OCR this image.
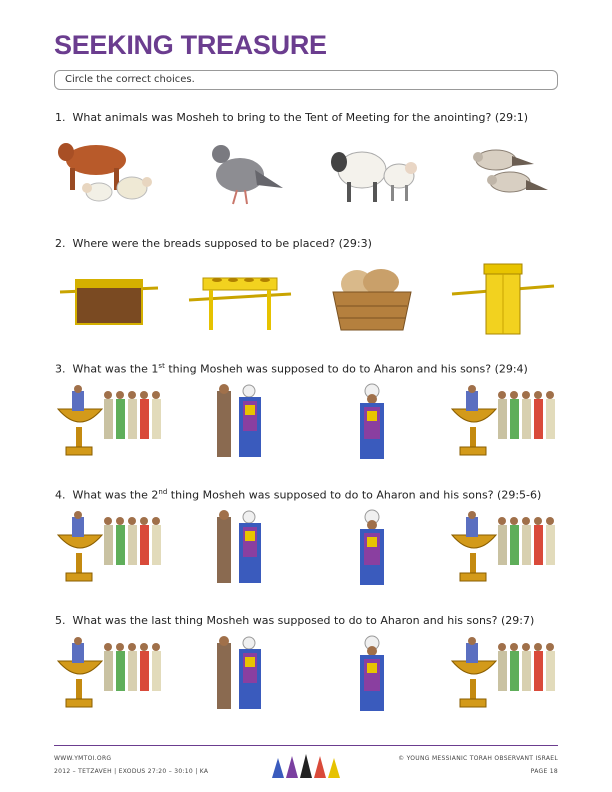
SEEKING TREASURE
Circle the correct choices.
1. What animals was Mosheh to bring to the Tent of Meeting for the anointing? (29:1)
2. Where were the breads supposed to be placed? (29:3)
3. What was the 1st thing Mosheh was supposed to do to Aharon and his sons? (29:4)
4. What was the 2nd thing Mosheh was supposed to do to Aharon and his sons? (29:5-6)
5. What was the last thing Mosheh was supposed to do to Aharon and his sons? (29:7)
WWW.YMTOI.ORG
2012 – TETZAVEH | EXODUS 27:20 – 30:10 | KA
© YOUNG MESSIANIC TORAH OBSERVANT ISRAEL
PAGE 18
